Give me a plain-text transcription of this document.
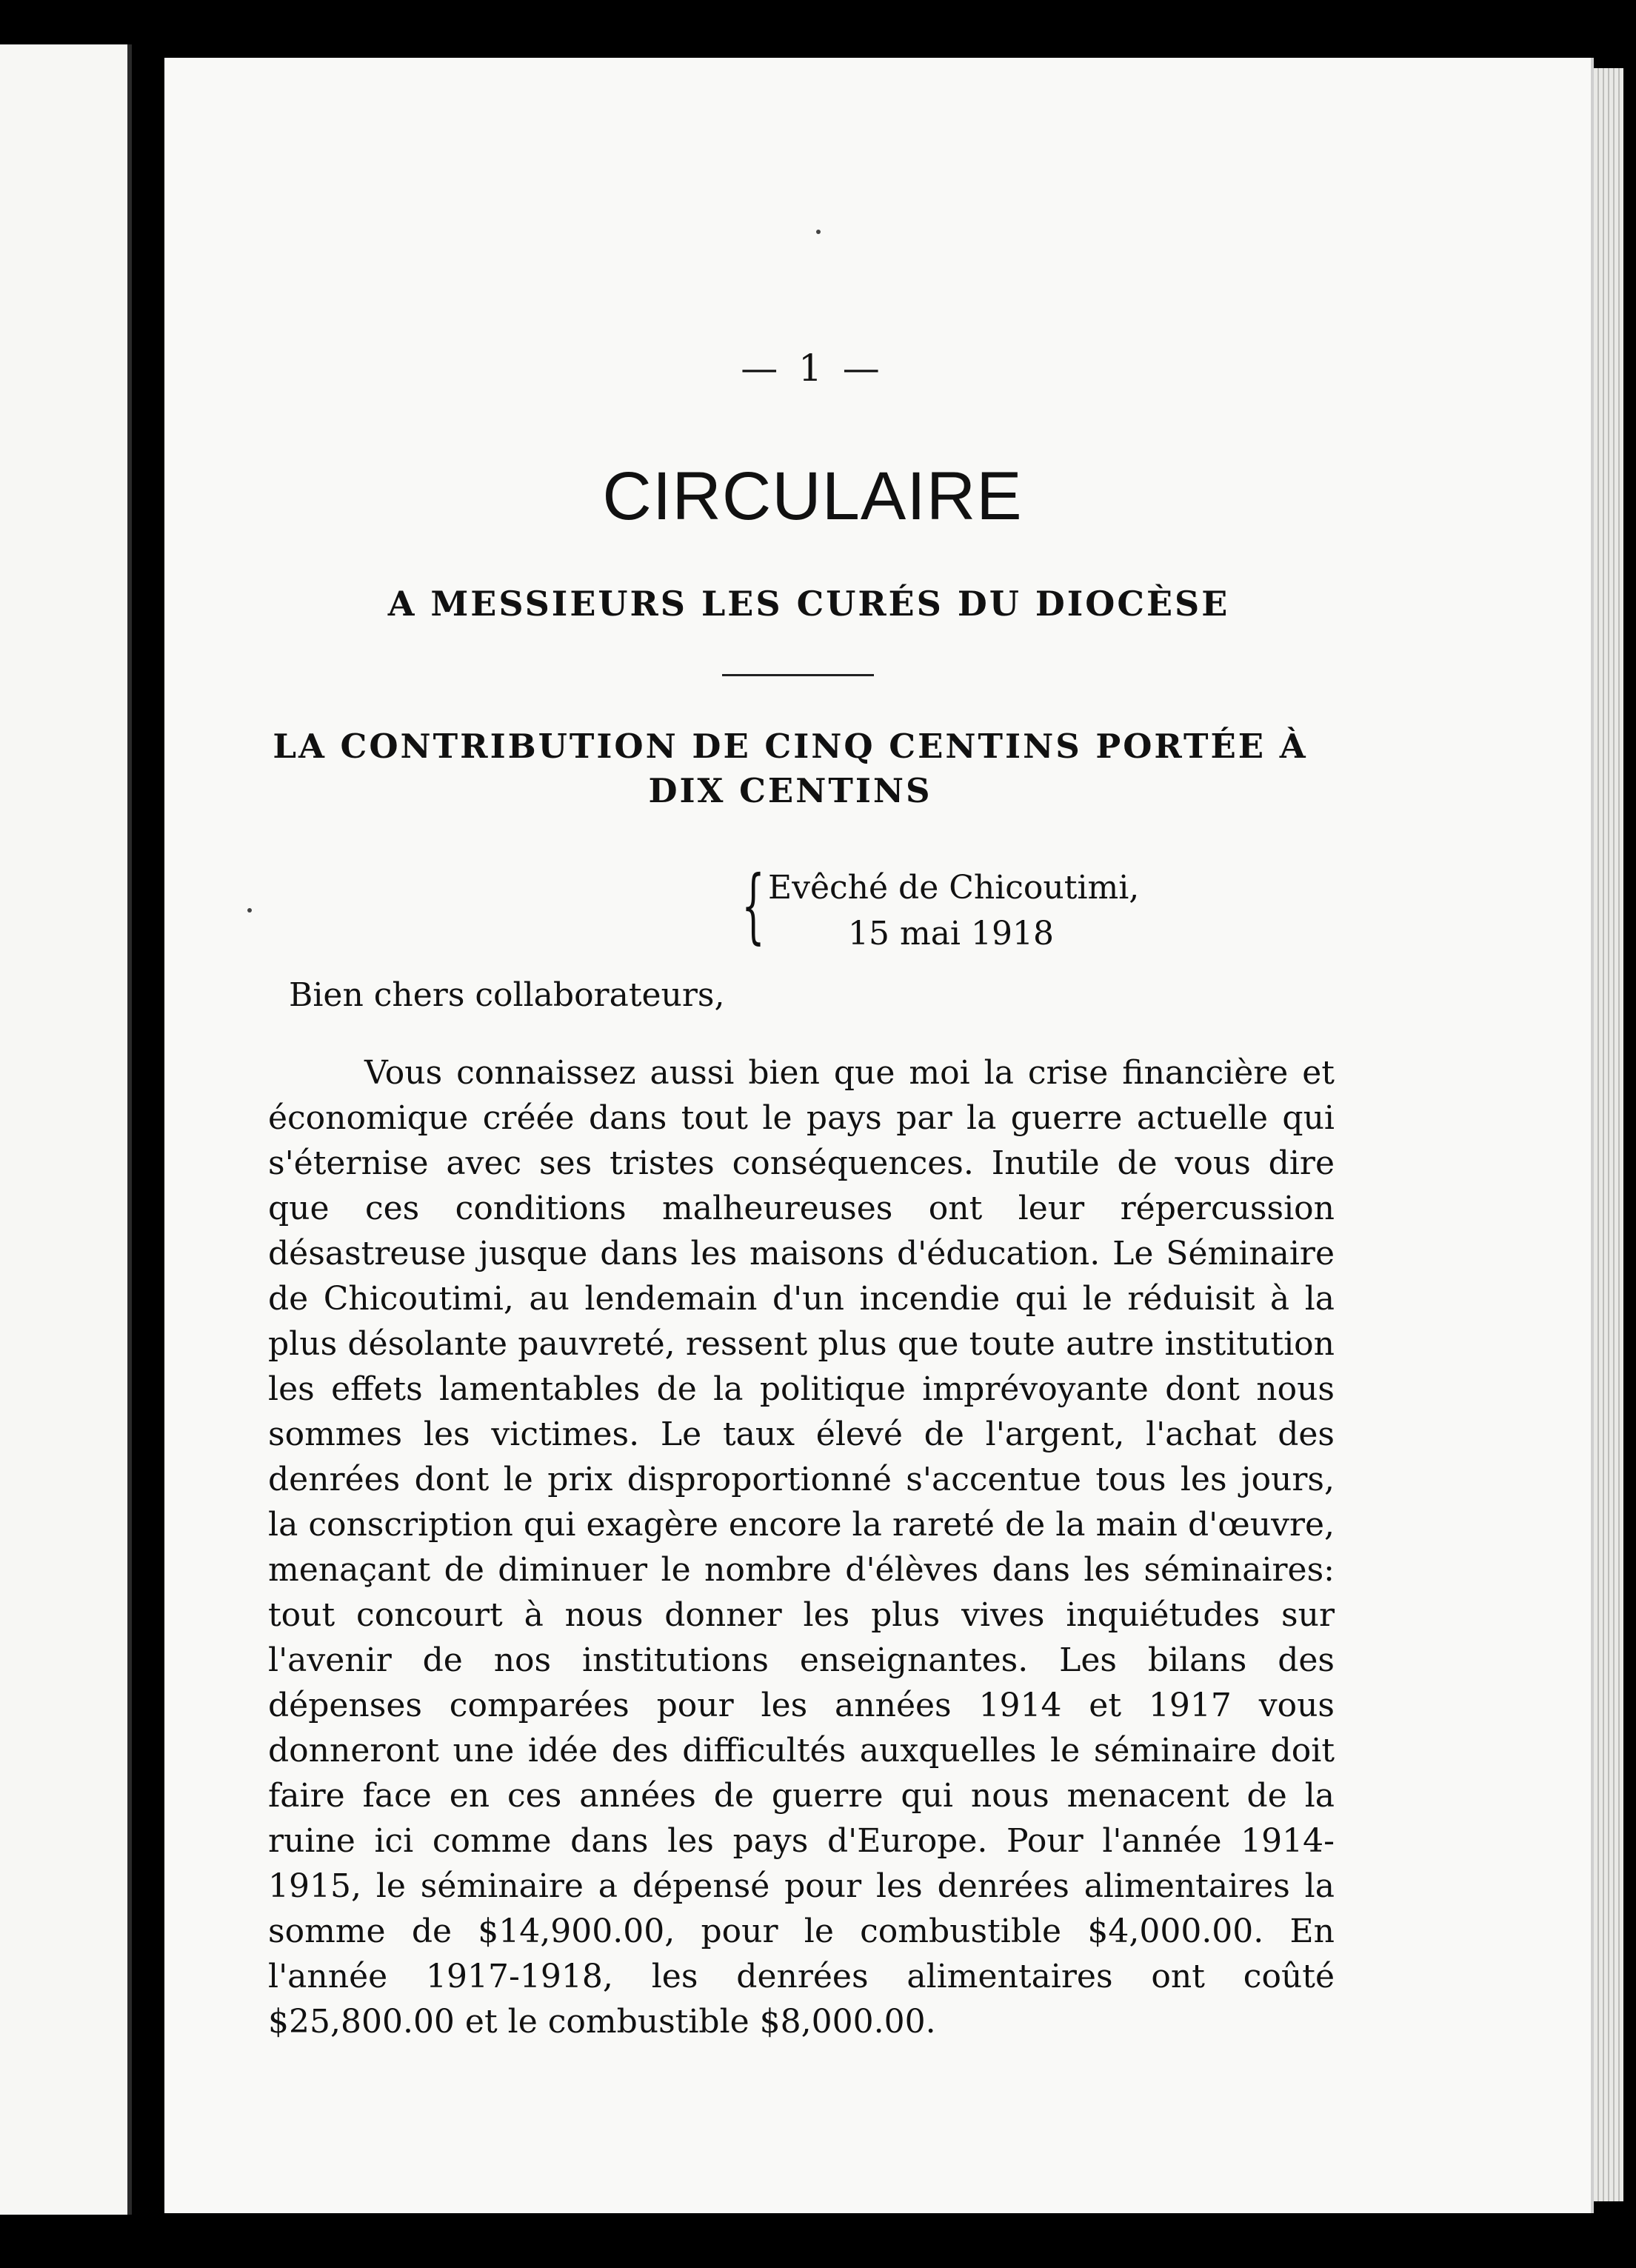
— 1 —

CIRCULAIRE
A MESSIEURS LES CURÉS DU DIOCÈSE
LA CONTRIBUTION DE CINQ CENTINS PORTÉE À DIX CENTINS
{ Evêché de Chicoutimi,
15 mai 1918

Bien chers collaborateurs,

Vous connaissez aussi bien que moi la crise financière et économique créée dans tout le pays par la guerre actuelle qui s'éternise avec ses tristes conséquences. Inutile de vous dire que ces conditions malheureuses ont leur répercussion désastreuse jusque dans les maisons d'éducation. Le Séminaire de Chicoutimi, au lendemain d'un incendie qui le réduisit à la plus désolante pauvreté, ressent plus que toute autre institution les effets lamentables de la politique imprévoyante dont nous sommes les victimes. Le taux élevé de l'argent, l'achat des denrées dont le prix disproportionné s'accentue tous les jours, la conscription qui exagère encore la rareté de la main d'œuvre, menaçant de diminuer le nombre d'élèves dans les séminaires: tout concourt à nous donner les plus vives inquiétudes sur l'avenir de nos institutions enseignantes. Les bilans des dépenses comparées pour les années 1914 et 1917 vous donneront une idée des difficultés auxquelles le séminaire doit faire face en ces années de guerre qui nous menacent de la ruine ici comme dans les pays d'Europe. Pour l'année 1914-1915, le séminaire a dépensé pour les denrées alimentaires la somme de $14,900.00, pour le combustible $4,000.00. En l'année 1917-1918, les denrées alimentaires ont coûté $25,800.00 et le combustible $8,000.00.
